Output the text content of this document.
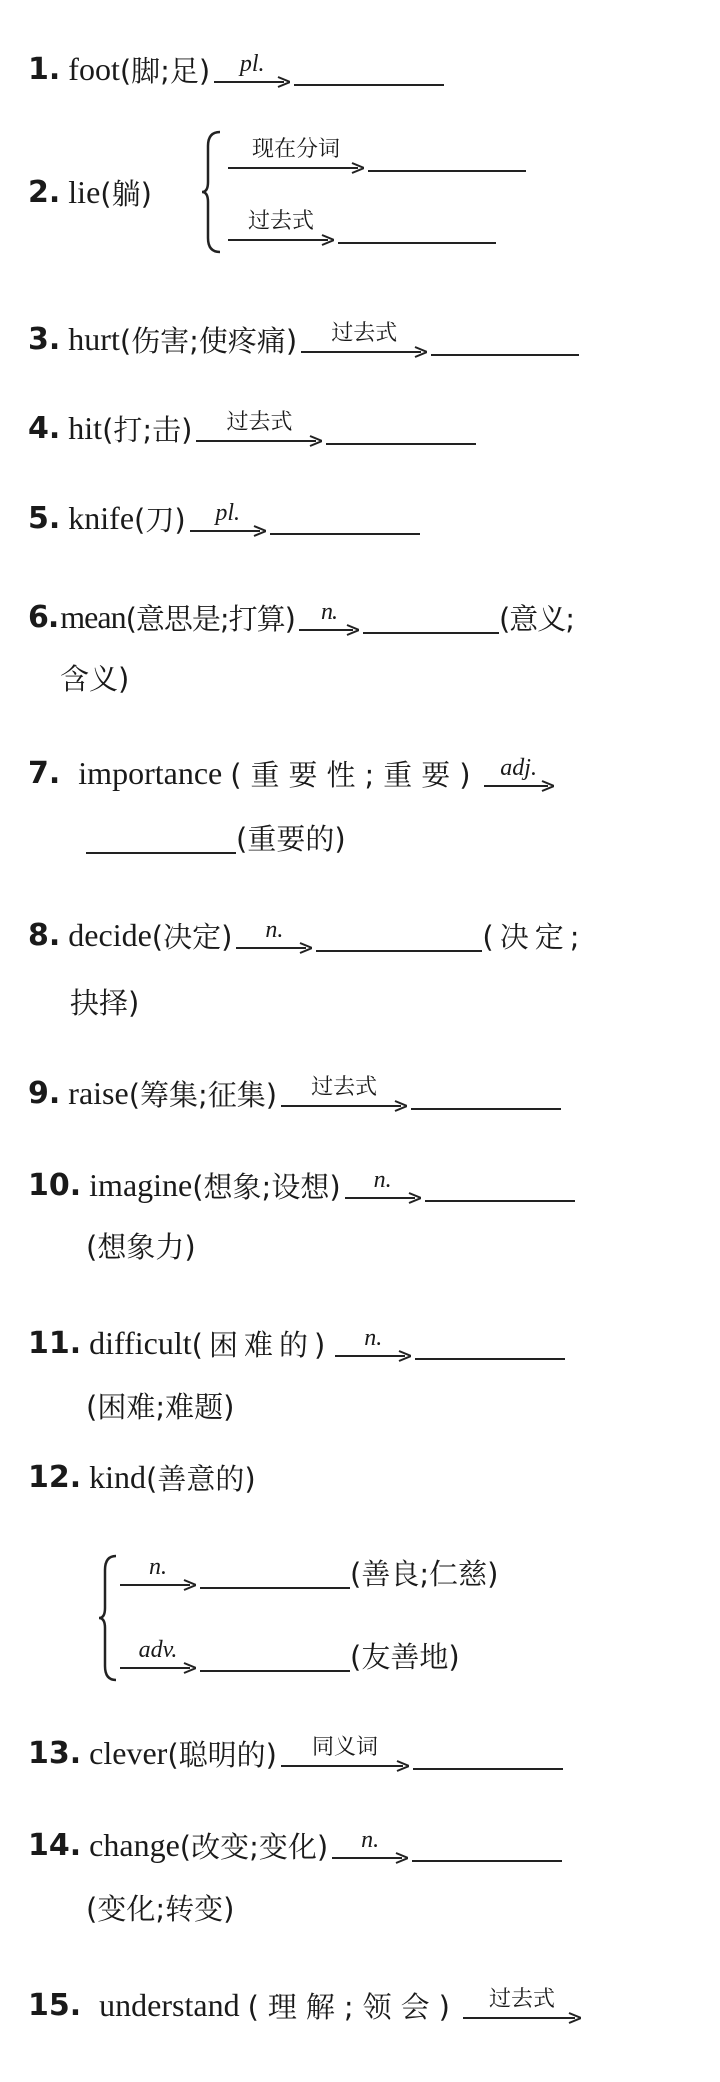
1. foot (脚;足) pl.
2. lie (躺)
现在分词
过去式
3. hurt (伤害;使疼痛) 过去式
4. hit (打;击) 过去式
5. knife (刀) pl.
6. mean (意思是;打算) n.	(意义;
含义)
7. importance (重要性;重要) adj.
(重要的)
8. decide (决定) n.	(决定;
抉择)
9. raise (筹集;征集) 过去式
10. imagine (想象;设想) n.
(想象力)
11. difficult (困难的) n.
(困难;难题)
12. kind (善意的)
n.	(善良;仁慈)
adv.	(友善地)
13. clever (聪明的) 同义词
14. change (改变;变化) n.
(变化;转变)
15. understand (理解;领会) 过去式
